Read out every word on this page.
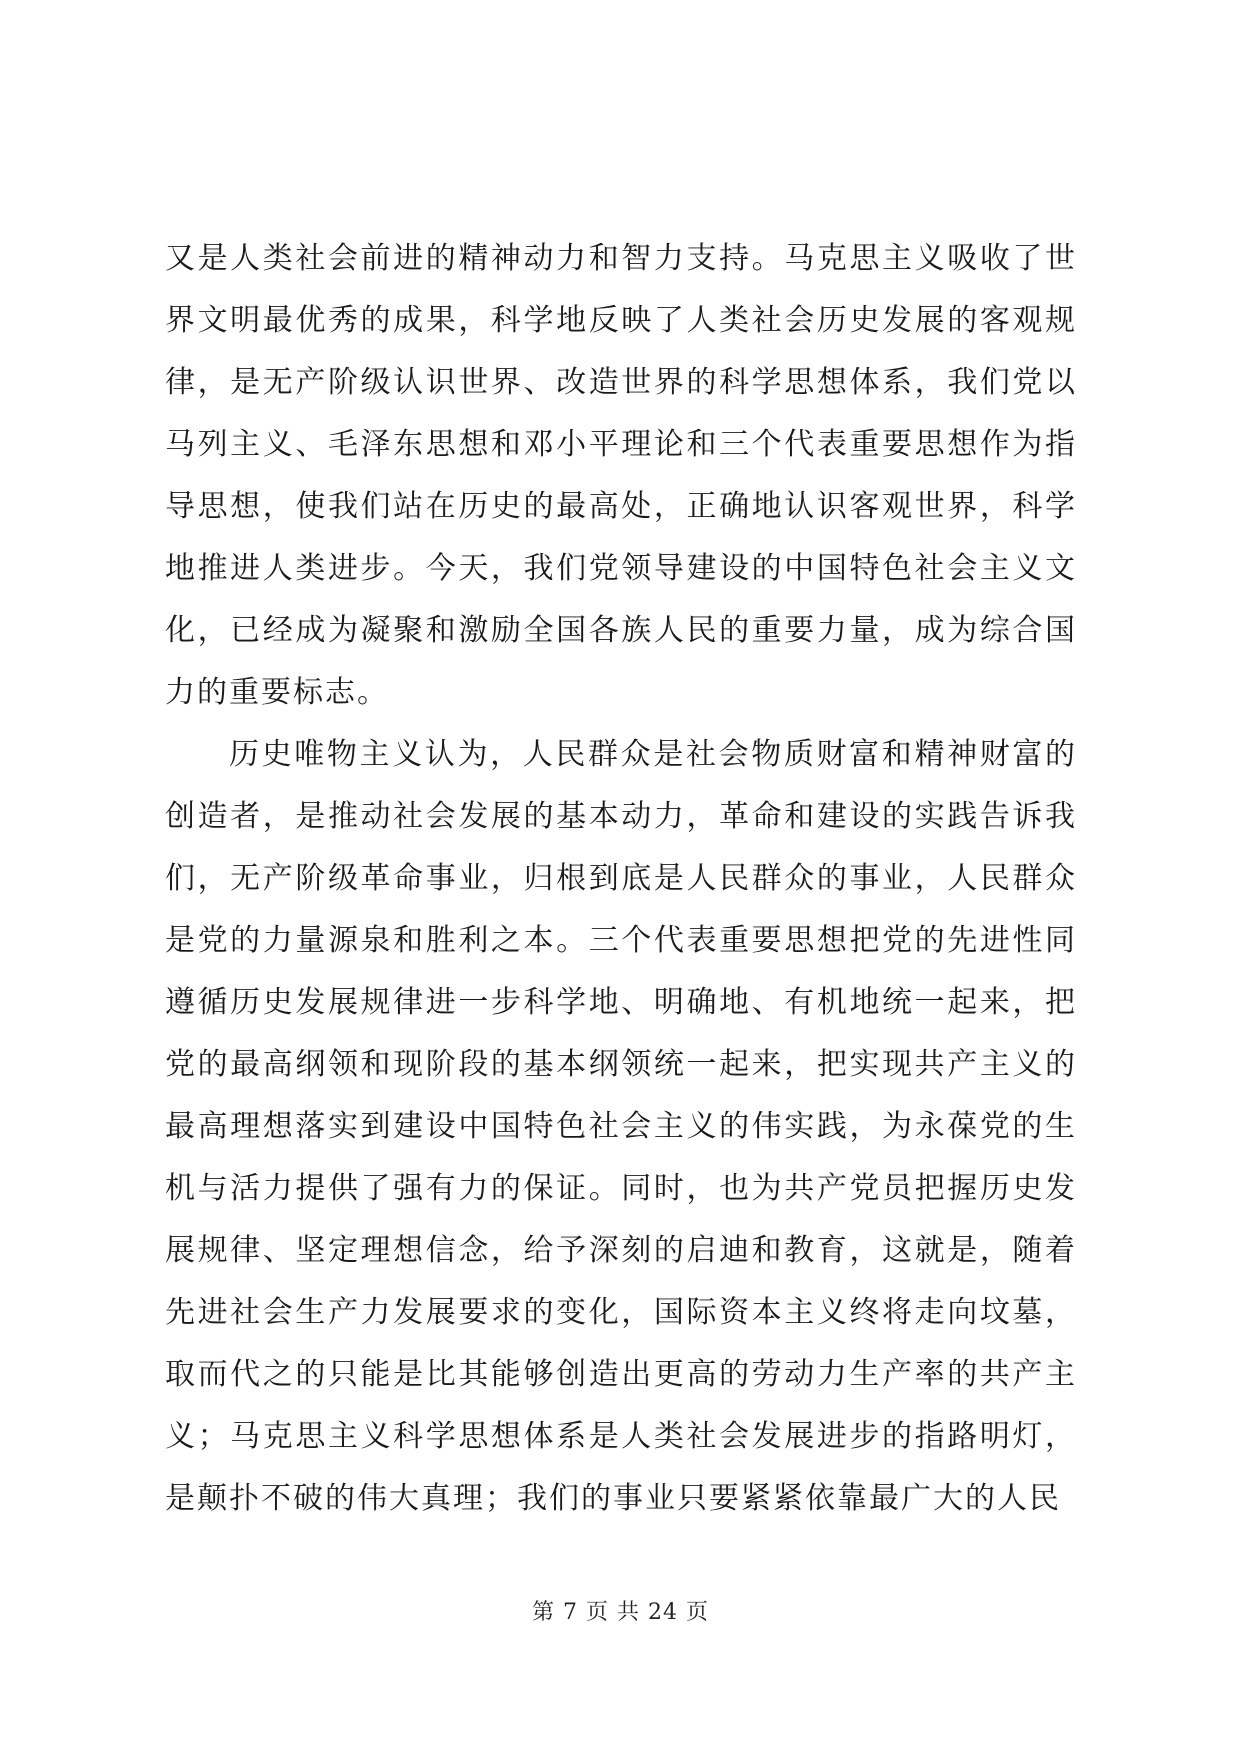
又是人类社会前进的精神动力和智力支持。马克思主义吸收了世界文明最优秀的成果，科学地反映了人类社会历史发展的客观规律，是无产阶级认识世界、改造世界的科学思想体系，我们党以马列主义、毛泽东思想和邓小平理论和三个代表重要思想作为指导思想，使我们站在历史的最高处，正确地认识客观世界，科学地推进人类进步。今天，我们党领导建设的中国特色社会主义文化，已经成为凝聚和激励全国各族人民的重要力量，成为综合国力的重要标志。

历史唯物主义认为，人民群众是社会物质财富和精神财富的创造者，是推动社会发展的基本动力，革命和建设的实践告诉我们，无产阶级革命事业，归根到底是人民群众的事业，人民群众是党的力量源泉和胜利之本。三个代表重要思想把党的先进性同遵循历史发展规律进一步科学地、明确地、有机地统一起来，把党的最高纲领和现阶段的基本纲领统一起来，把实现共产主义的最高理想落实到建设中国特色社会主义的伟实践，为永葆党的生机与活力提供了强有力的保证。同时，也为共产党员把握历史发展规律、坚定理想信念，给予深刻的启迪和教育，这就是，随着先进社会生产力发展要求的变化，国际资本主义终将走向坟墓，取而代之的只能是比其能够创造出更高的劳动力生产率的共产主义；马克思主义科学思想体系是人类社会发展进步的指路明灯，是颠扑不破的伟大真理；我们的事业只要紧紧依靠最广大的人民

第 7 页 共 24 页
